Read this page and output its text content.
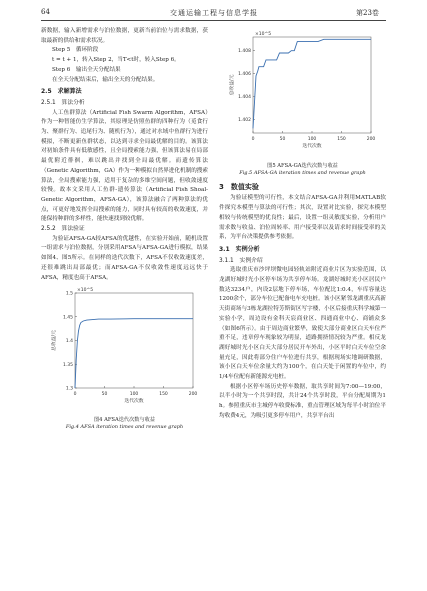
64	交通运输工程与信息学报	第23卷

新数据，输入新增需求与泊位数据，更新当前泊位与需求数据，获取最新的供给和需求状况。

Step 5　循环阶段

t = t + 1，转入Step 2，当T<t时，转入Step 6。

Step 6　输出全天分配结果

在全天分配结束后，输出全天的分配结果。

2.5　求解算法

2.5.1　算法分析

人工鱼群算法（Artificial Fish Swarm Algorithm，AFSA）作为一种智能仿生学算法，其原理是仿照鱼群的四种行为（觅食行为、聚群行为、追尾行为、随机行为），通过对水域中鱼群行为进行模拟，不断更新鱼群状态，以达到寻求全局最优解的目的。该算法对初始条件具有低敏感性，且全局搜索能力强，但该算法易在局部最优附近徘徊，难以跳出并找到全局最优解。而遗传算法（Genetic Algorithm，GA）作为一种模拟自然界进化机制的搜索算法，全局搜索能力强，适用于复杂的多维空间问题，但收敛速度较慢。故本文采用人工鱼群-遗传算法（Artificial Fish Shoal-Genetic Algorithm，AFSA-GA），该算法融合了两种算法的优点，可更好地发挥全局搜索的能力，同时具有较高的收敛速度，并能保持种群的多样性，能快速找到较优解。

2.5.2　算法验证

为验证AFSA-GA较AFSA的优越性，在实验开始前，随机设置一组需求与泊位数据，分别采用AFSA与AFSA-GA进行模拟，结果如图4、图5所示。在同样的迭代次数下，AFSA不仅收敛速度差，还很难跳出局部最优；而AFSA-GA不仅收敛性速度远远快于AFSA，精度也高于AFSA。

0	50	100	150	200
1.3
1.35
1.4
1.45
1.5
×10^5
迭代次数
总收益/元

图4 AFSA迭代次数与收益

Fig.4 AFSA iteration times and revenue graph

0	50	100	150	200
1.402
1.404
1.406
1.408
×10^5
迭代次数
总收益/元

图5 AFSA-GA迭代次数与收益

Fig.5 AFSA-GA iteration times and revenue graph

3　数值实验

为验证模型的可行性，本文结合AFSA-GA并利用MATLAB软件探究本模型与算法的可行性；其次，设置对比实验，探究本模型相较与传统模型的优良性；最后，设置一组灵敏度实验，分析用户需求数与收益、泊位周转率、用户接受率以及请求时间接受率的关系，为平台决策提供参考依据。

3.1　实例分析

3.1.1　实例介绍

选取重庆市沙坪坝微电园轻轨站附近商业片区为实验范围，以龙湖好城时光小区停车场为共享停车场。龙湖好城时光小区居民户数达3234户，内设2层地下停车场，车位配比1:0.4，车库容量达1200余个，部分车位已配备电车充电桩。该小区紧邻龙湖重庆高新天街商场与3栋龙湖拉特芳斯街区写字楼，小区后接重庆科学城第一实验小学，周边设有金科天宸商业区、四通商业中心、商铺众多（如图6所示）。由于周边商业繁华，致使大部分商业区白天车位严重不足，违章停车现象较为明显，道路拥挤情况较为严重。相反龙湖好城时光小区白天大部分居民开车外出，小区平时白天车位空余量充足，因此将部分住户车位进行共享，根据现场实地调研数据，该小区白天车位余量大约为100个，在白天处于闲置的车位中，约1/4车位配有新能源充电桩。

根据小区停车场历史停车数据，取共享时间为7:00—19:00，以半小时为一个共享时段，共计24个共享时段，平台分配周期为1 h。参照重庆市主城停车收费标准，重点管理区域为每半小时泊位平均收费4元，为吸引更多停车用户，共享平台出
